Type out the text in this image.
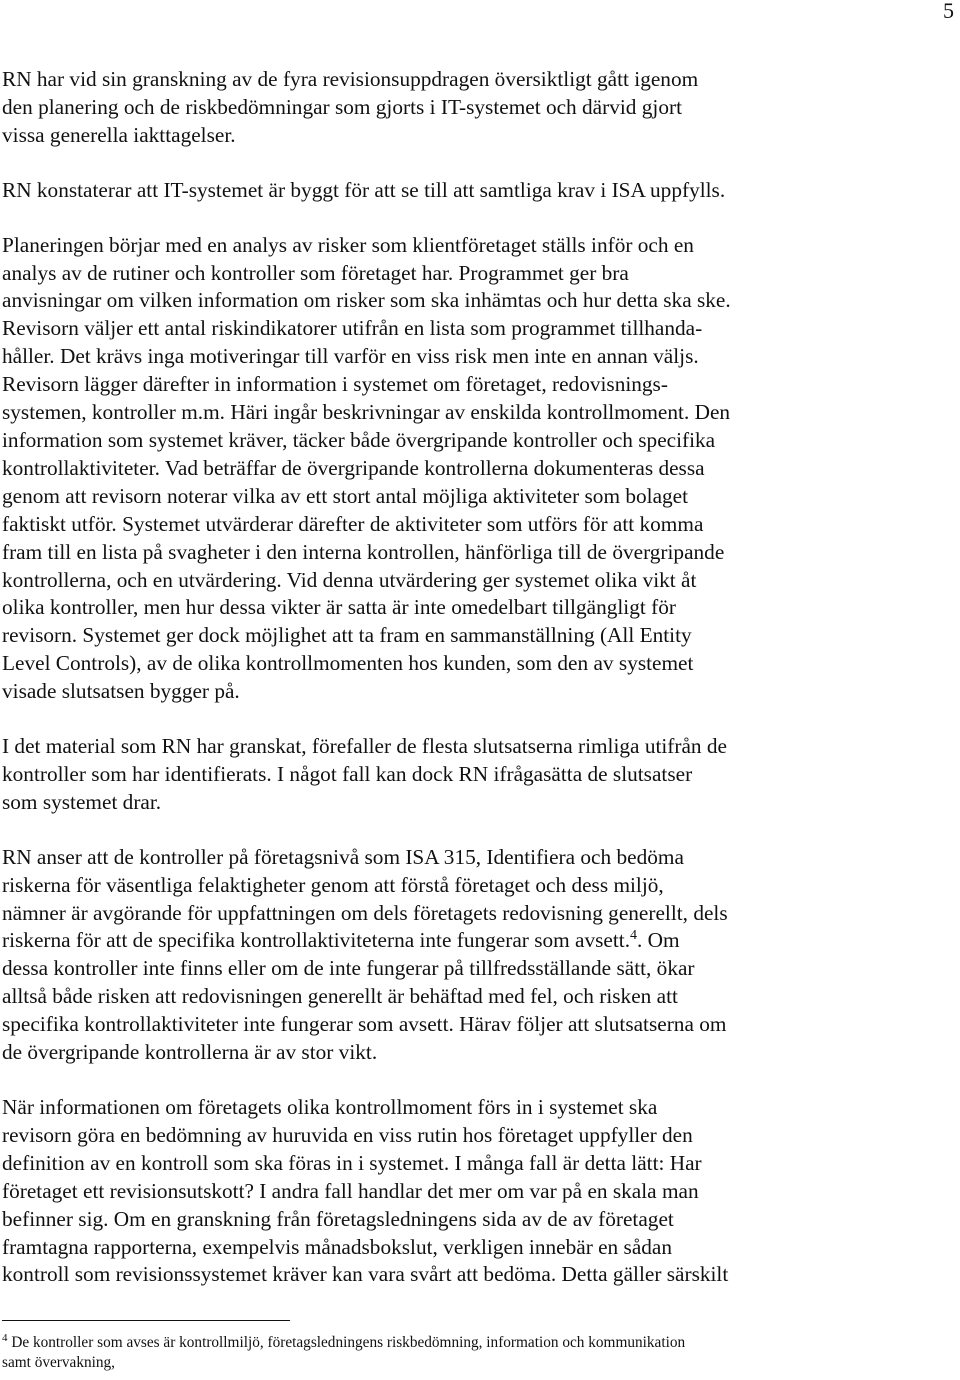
5
RN har vid sin granskning av de fyra revisionsuppdragen översiktligt gått igenom
den planering och de riskbedömningar som gjorts i IT-systemet och därvid gjort
vissa generella iakttagelser.
RN konstaterar att IT-systemet är byggt för att se till att samtliga krav i ISA uppfylls.
Planeringen börjar med en analys av risker som klientföretaget ställs inför och en
analys av de rutiner och kontroller som företaget har. Programmet ger bra
anvisningar om vilken information om risker som ska inhämtas och hur detta ska ske.
Revisorn väljer ett antal riskindikatorer utifrån en lista som programmet tillhanda-
håller. Det krävs inga motiveringar till varför en viss risk men inte en annan väljs.
Revisorn lägger därefter in information i systemet om företaget, redovisnings-
systemen, kontroller m.m. Häri ingår beskrivningar av enskilda kontrollmoment. Den
information som systemet kräver, täcker både övergripande kontroller och specifika
kontrollaktiviteter. Vad beträffar de övergripande kontrollerna dokumenteras dessa
genom att revisorn noterar vilka av ett stort antal möjliga aktiviteter som bolaget
faktiskt utför. Systemet utvärderar därefter de aktiviteter som utförs för att komma
fram till en lista på svagheter i den interna kontrollen, hänförliga till de övergripande
kontrollerna, och en utvärdering. Vid denna utvärdering ger systemet olika vikt åt
olika kontroller, men hur dessa vikter är satta är inte omedelbart tillgängligt för
revisorn. Systemet ger dock möjlighet att ta fram en sammanställning (All Entity
Level Controls), av de olika kontrollmomenten hos kunden, som den av systemet
visade slutsatsen bygger på.
I det material som RN har granskat, förefaller de flesta slutsatserna rimliga utifrån de
kontroller som har identifierats. I något fall kan dock RN ifrågasätta de slutsatser
som systemet drar.
RN anser att de kontroller på företagsnivå som ISA 315, Identifiera och bedöma
riskerna för väsentliga felaktigheter genom att förstå företaget och dess miljö,
nämner är avgörande för uppfattningen om dels företagets redovisning generellt, dels
riskerna för att de specifika kontrollaktiviteterna inte fungerar som avsett.$^4$. Om
dessa kontroller inte finns eller om de inte fungerar på tillfredsställande sätt, ökar
alltså både risken att redovisningen generellt är behäftad med fel, och risken att
specifika kontrollaktiviteter inte fungerar som avsett. Härav följer att slutsatserna om
de övergripande kontrollerna är av stor vikt.
När informationen om företagets olika kontrollmoment förs in i systemet ska
revisorn göra en bedömning av huruvida en viss rutin hos företaget uppfyller den
definition av en kontroll som ska föras in i systemet. I många fall är detta lätt: Har
företaget ett revisionsutskott? I andra fall handlar det mer om var på en skala man
befinner sig. Om en granskning från företagsledningens sida av de av företaget
framtagna rapporterna, exempelvis månadsbokslut, verkligen innebär en sådan
kontroll som revisionssystemet kräver kan vara svårt att bedöma. Detta gäller särskilt
$^4$ De kontroller som avses är kontrollmiljö, företagsledningens riskbedömning, information och kommunikation
samt övervakning,
